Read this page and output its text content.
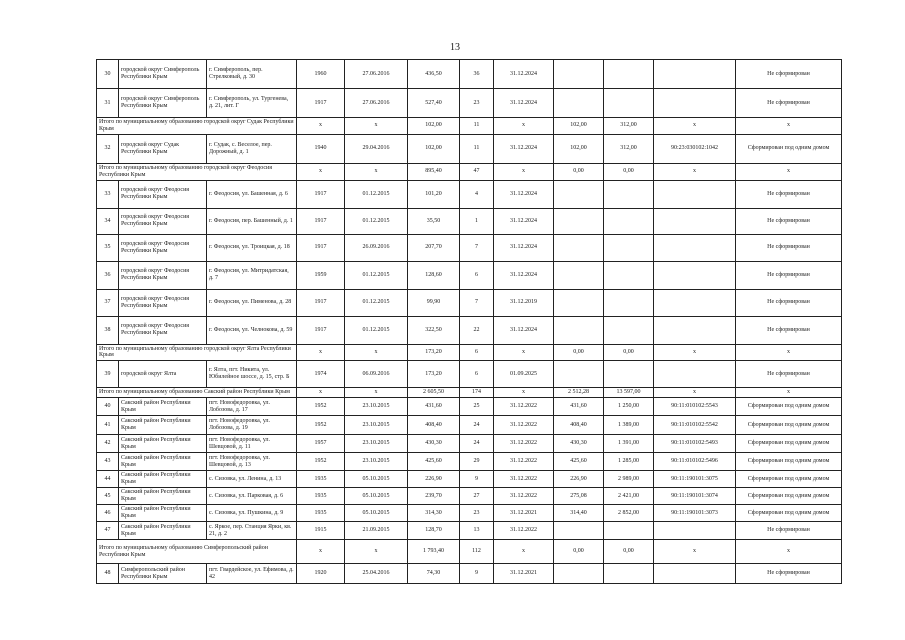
13
30	городской округ Симферополь Республики Крым	г. Симферополь, пер. Стрелковый, д. 30	1960	27.06.2016	436,50	36	31.12.2024				Не сформирован
31	городской округ Симферополь Республики Крым	г. Симферополь, ул. Тургенева, д. 21, лит. Г	1917	27.06.2016	527,40	23	31.12.2024				Не сформирован
Итого по муниципальному образованию городской округ Судак Республики Крым			x	x	102,00	11	x	102,00	312,00	x	x
32	городской округ Судак Республики Крым	г. Судак, с. Веселое, пер. Дорожный, д. 1	1940	29.04.2016	102,00	11	31.12.2024	102,00	312,00	90:23:030102:1042	Сформирован под одним домом
Итого по муниципальному образованию городской округ Феодосия Республики Крым			x	x	895,40	47	x	0,00	0,00	x	x
33	городской округ Феодосия Республики Крым	г. Феодосия, ул. Башенная, д. 6	1917	01.12.2015	101,20	4	31.12.2024				Не сформирован
34	городской округ Феодосия Республики Крым	г. Феодосия, пер. Башенный, д. 1	1917	01.12.2015	35,50	1	31.12.2024				Не сформирован
35	городской округ Феодосия Республики Крым	г. Феодосия, ул. Троицкая, д. 18	1917	26.09.2016	207,70	7	31.12.2024				Не сформирован
36	городской округ Феодосия Республики Крым	г. Феодосия, ул. Митридатская, д. 7	1959	01.12.2015	128,60	6	31.12.2024				Не сформирован
37	городской округ Феодосия Республики Крым	г. Феодосия, ул. Пименова, д. 28	1917	01.12.2015	99,90	7	31.12.2019				Не сформирован
38	городской округ Феодосия Республики Крым	г. Феодосия, ул. Челнокова, д. 59	1917	01.12.2015	322,50	22	31.12.2024				Не сформирован
Итого по муниципальному образованию городской округ Ялта Республики Крым			x	x	173,20	6	x	0,00	0,00	x	x
39	городской округ Ялта	г. Ялта, пгт. Никита, ул. Юбилейное шоссе, д. 15, стр. Б	1974	06.09.2016	173,20	6	01.09.2025				Не сформирован
Итого по муниципальному образованию Сакский район Республики Крым			x	x	2 605,50	174	x	2 512,28	13 597,00	x	x
40	Сакский район Республики Крым	пгт. Новофедоровка, ул. Лобозова, д. 17	1952	23.10.2015	431,60	25	31.12.2022	431,60	1 250,00	90:11:010102:5543	Сформирован под одним домом
41	Сакский район Республики Крым	пгт. Новофедоровка, ул. Лобозова, д. 19	1952	23.10.2015	408,40	24	31.12.2022	408,40	1 389,00	90:11:010102:5542	Сформирован под одним домом
42	Сакский район Республики Крым	пгт. Новофедоровка, ул. Шевцовой, д. 11	1957	23.10.2015	430,30	24	31.12.2022	430,30	1 391,00	90:11:010102:5493	Сформирован под одним домом
43	Сакский район Республики Крым	пгт. Новофедоровка, ул. Шевцовой, д. 13	1952	23.10.2015	425,60	29	31.12.2022	425,60	1 285,00	90:11:010102:5496	Сформирован под одним домом
44	Сакский район Республики Крым	с. Сизовка, ул. Ленина, д. 13	1935	05.10.2015	226,90	9	31.12.2022	226,90	2 989,00	90:11:190101:3075	Сформирован под одним домом
45	Сакский район Республики Крым	с. Сизовка, ул. Парковая, д. 6	1935	05.10.2015	239,70	27	31.12.2022	275,08	2 421,00	90:11:190101:3074	Сформирован под одним домом
46	Сакский район Республики Крым	с. Сизовка, ул. Пушкина, д. 9	1935	05.10.2015	314,30	23	31.12.2021	314,40	2 852,00	90:11:190101:3073	Сформирован под одним домом
47	Сакский район Республики Крым	с. Яркое, пер. Станция Ярки, кв. 21, д. 2	1915	21.09.2015	128,70	13	31.12.2022				Не сформирован
Итого по муниципальному образованию Симферопольский район Республики Крым			x	x	1 793,40	112	x	0,00	0,00	x	x
48	Симферопольский район Республики Крым	пгт. Гвардейское, ул. Ефимова, д. 42	1920	25.04.2016	74,30	9	31.12.2021				Не сформирован
